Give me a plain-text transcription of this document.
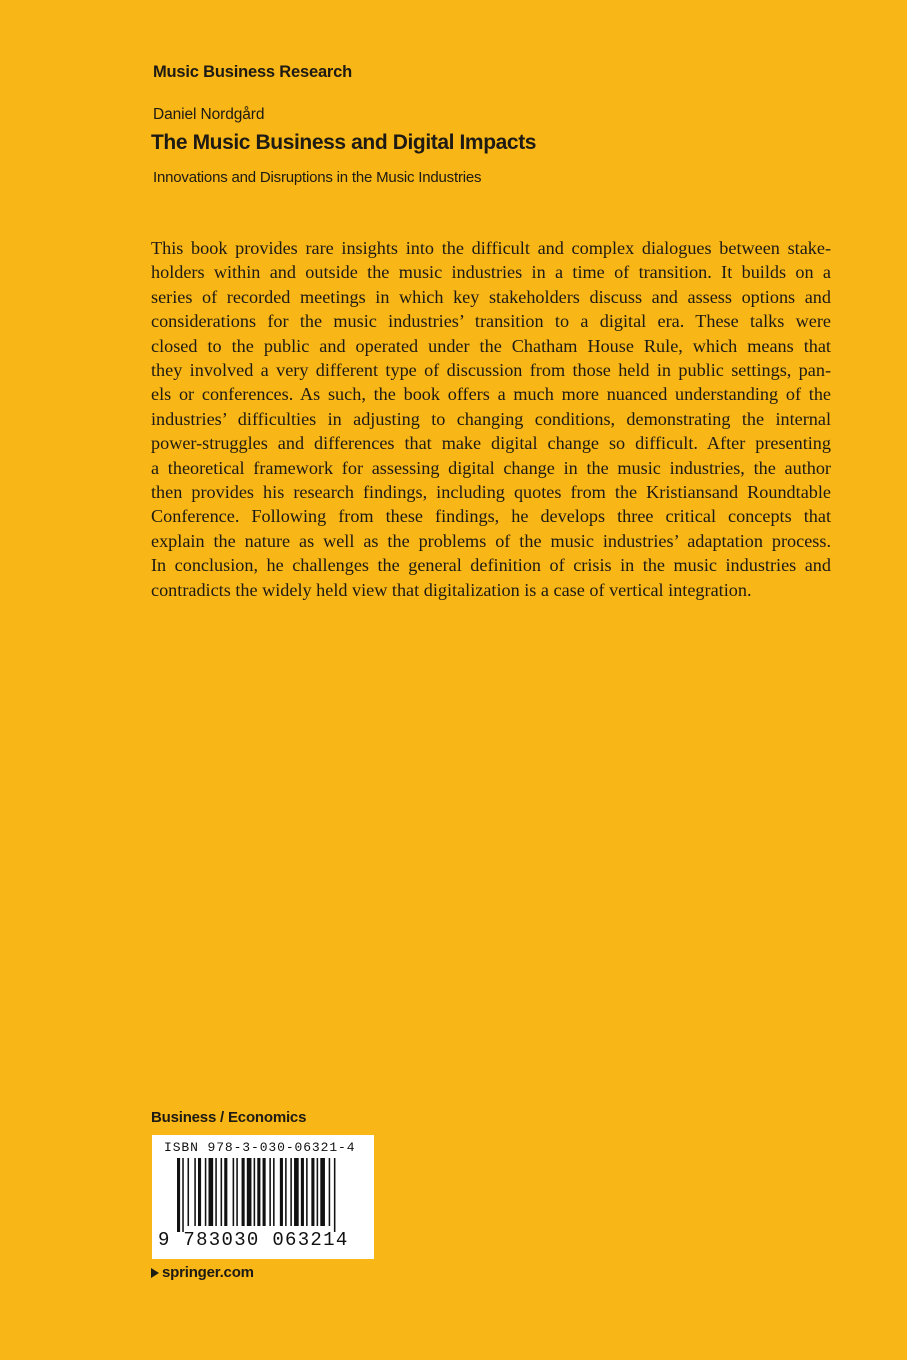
Music Business Research
Daniel Nordgård
The Music Business and Digital Impacts
Innovations and Disruptions in the Music Industries
This book provides rare insights into the difficult and complex dialogues between stake-
holders within and outside the music industries in a time of transition. It builds on a
series of recorded meetings in which key stakeholders discuss and assess options and
considerations for the music industries’ transition to a digital era. These talks were
closed to the public and operated under the Chatham House Rule, which means that
they involved a very different type of discussion from those held in public settings, pan-
els or conferences. As such, the book offers a much more nuanced understanding of the
industries’ difficulties in adjusting to changing conditions, demonstrating the internal
power-struggles and differences that make digital change so difficult. After presenting
a theoretical framework for assessing digital change in the music industries, the author
then provides his research findings, including quotes from the Kristiansand Roundtable
Conference. Following from these findings, he develops three critical concepts that
explain the nature as well as the problems of the music industries’ adaptation process.
In conclusion, he challenges the general definition of crisis in the music industries and
contradicts the widely held view that digitalization is a case of vertical integration.
Business / Economics
ISBN 978-3-030-06321-4
9 783030 063214
springer.com
